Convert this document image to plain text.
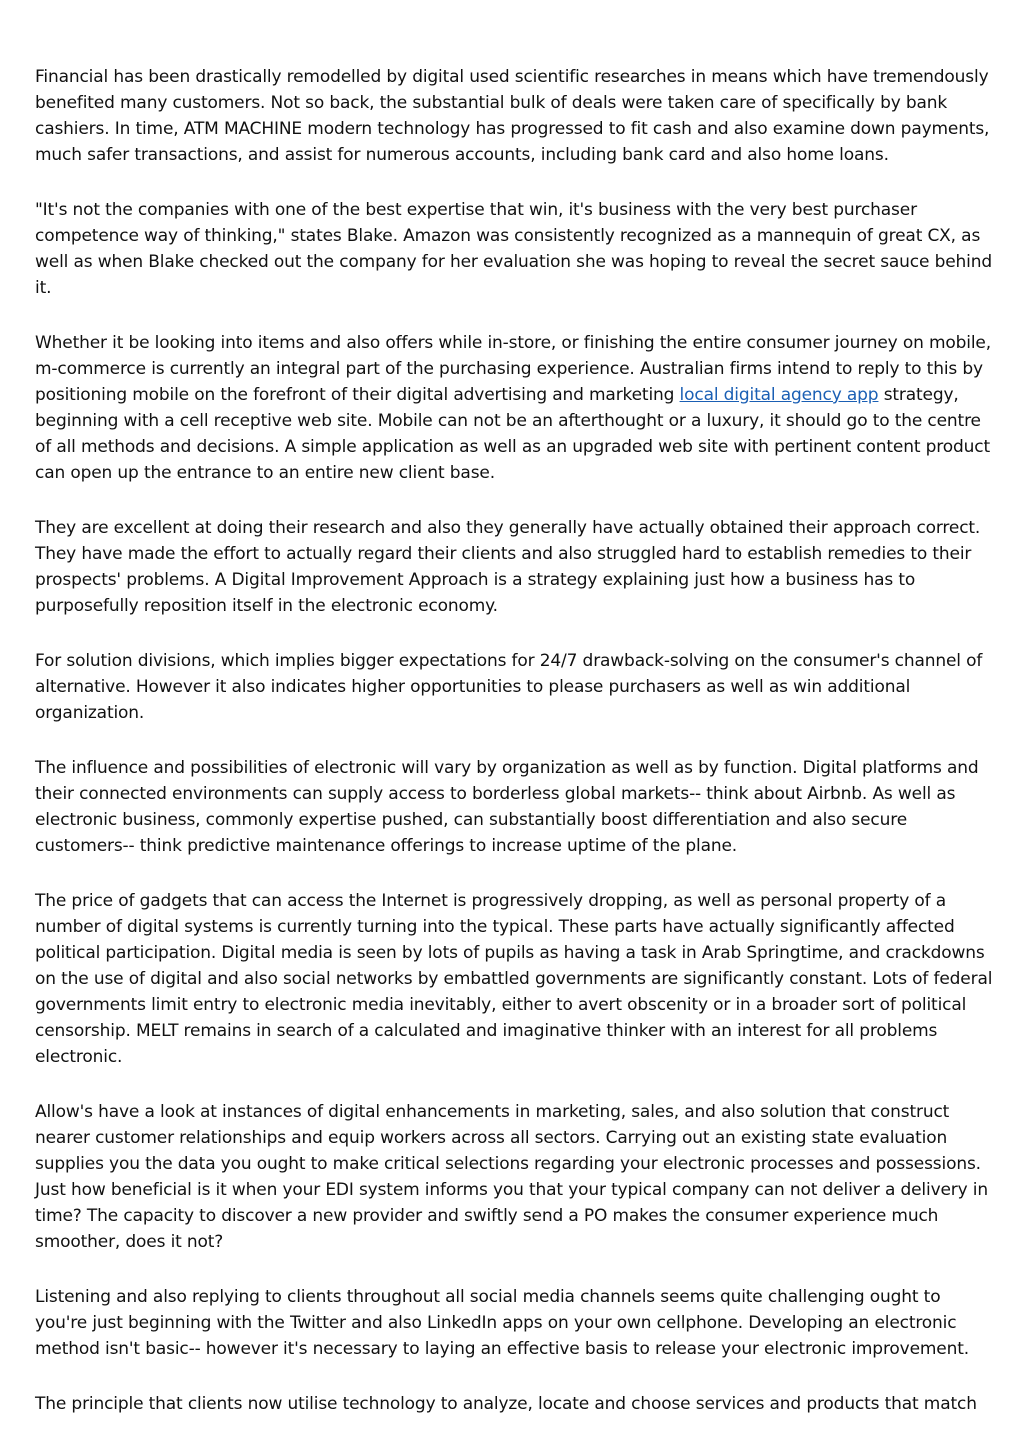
Financial has been drastically remodelled by digital used scientific researches in means which have tremendously benefited many customers. Not so back, the substantial bulk of deals were taken care of specifically by bank cashiers. In time, ATM MACHINE modern technology has progressed to fit cash and also examine down payments, much safer transactions, and assist for numerous accounts, including bank card and also home loans.

"It's not the companies with one of the best expertise that win, it's business with the very best purchaser competence way of thinking," states Blake. Amazon was consistently recognized as a mannequin of great CX, as well as when Blake checked out the company for her evaluation she was hoping to reveal the secret sauce behind it.

Whether it be looking into items and also offers while in-store, or finishing the entire consumer journey on mobile, m-commerce is currently an integral part of the purchasing experience. Australian firms intend to reply to this by positioning mobile on the forefront of their digital advertising and marketing local digital agency app strategy, beginning with a cell receptive web site. Mobile can not be an afterthought or a luxury, it should go to the centre of all methods and decisions. A simple application as well as an upgraded web site with pertinent content product can open up the entrance to an entire new client base.

They are excellent at doing their research and also they generally have actually obtained their approach correct. They have made the effort to actually regard their clients and also struggled hard to establish remedies to their prospects' problems. A Digital Improvement Approach is a strategy explaining just how a business has to purposefully reposition itself in the electronic economy.

For solution divisions, which implies bigger expectations for 24/7 drawback-solving on the consumer's channel of alternative. However it also indicates higher opportunities to please purchasers as well as win additional organization.

The influence and possibilities of electronic will vary by organization as well as by function. Digital platforms and their connected environments can supply access to borderless global markets-- think about Airbnb. As well as electronic business, commonly expertise pushed, can substantially boost differentiation and also secure customers-- think predictive maintenance offerings to increase uptime of the plane.

The price of gadgets that can access the Internet is progressively dropping, as well as personal property of a number of digital systems is currently turning into the typical. These parts have actually significantly affected political participation. Digital media is seen by lots of pupils as having a task in Arab Springtime, and crackdowns on the use of digital and also social networks by embattled governments are significantly constant. Lots of federal governments limit entry to electronic media inevitably, either to avert obscenity or in a broader sort of political censorship. MELT remains in search of a calculated and imaginative thinker with an interest for all problems electronic.

Allow's have a look at instances of digital enhancements in marketing, sales, and also solution that construct nearer customer relationships and equip workers across all sectors. Carrying out an existing state evaluation supplies you the data you ought to make critical selections regarding your electronic processes and possessions. Just how beneficial is it when your EDI system informs you that your typical company can not deliver a delivery in time? The capacity to discover a new provider and swiftly send a PO makes the consumer experience much smoother, does it not?

Listening and also replying to clients throughout all social media channels seems quite challenging ought to you're just beginning with the Twitter and also LinkedIn apps on your own cellphone. Developing an electronic method isn't basic-- however it's necessary to laying an effective basis to release your electronic improvement.

The principle that clients now utilise technology to analyze, locate and choose services and products that match
